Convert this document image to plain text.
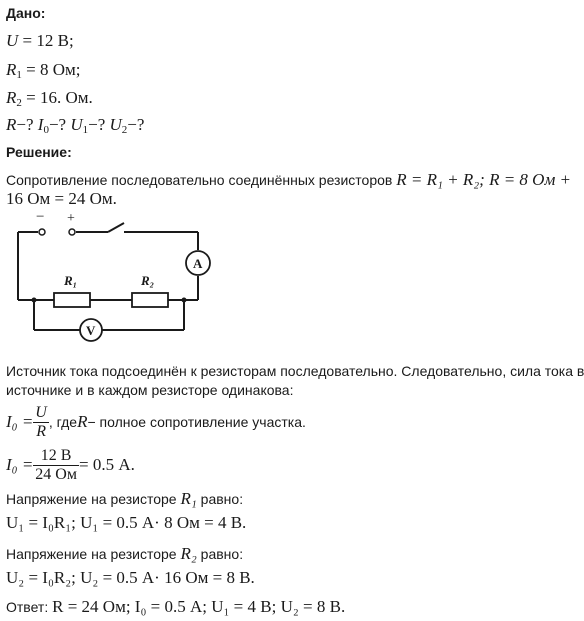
Дано:
U = 12 В;
$R_1 = 8$ Ом;
$R_2 = 16$. Ом.
R−? $I_0-$? $U_1-$? $U_2-$?
Решение:
Сопротивление последовательно соединённых резисторов R = R₁ + R₂; R = 8 Ом +
16 Ом = 24 Ом.
− +
R₁	R₂
A
V
Источник тока подсоединён к резисторам последовательно. Следовательно, сила тока в
источнике и в каждом резисторе одинакова:
$I_0 = \frac{U}{R}$ , где R − полное сопротивление участка.
$I_0 = \frac{12 В}{24 Ом} = 0.5$ А.
Напряжение на резисторе R₁ равно:
U₁ = I₀R₁; U₁ = 0.5 А· 8 Ом = 4 В.
Напряжение на резисторе R₂ равно:
U₂ = I₀R₂; U₂ = 0.5 А· 16 Ом = 8 В.
Ответ: R = 24 Ом; I₀ = 0.5 А; U₁ = 4 В; U₂ = 8 В.
